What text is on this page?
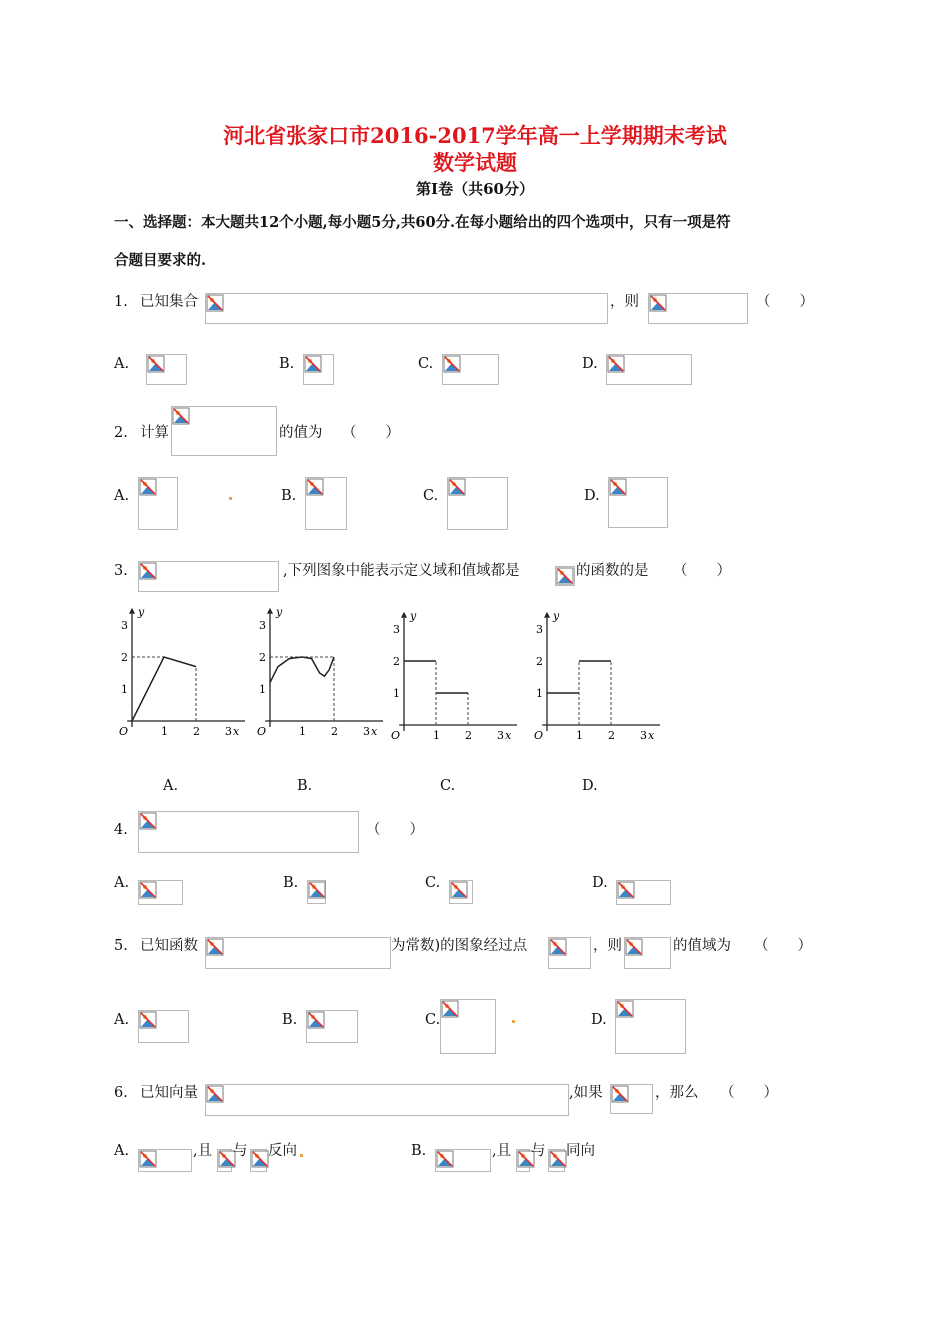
河北省张家口市2016-2017学年高一上学期期末考试
数学试题
第Ⅰ卷（共60分）
一、选择题：本大题共12个小题,每小题5分,共60分.在每小题给出的四个选项中，只有一项是符
合题目要求的.
1. 已知集合	，则	（　　）
A.	B.	C.	D.
2. 计算	的值为 （　　）
A.	B.	C.	D.
3.	,下列图象中能表示定义域和值域都是	的函数的是 （　　）
y
O	1 2 3 x
1
2
3
y
O	1 2 3 x
1
2
3
y
O	1 2 3 x
1
2
3
y
O	1 2 3 x
1
2
3
A.	B.	C.	D.
4.	（　　）
A.	B.	C.	D.
5. 已知函数	为常数)的图象经过点	，则	的值域为 （　　）
A.	B.	C.	D.
6. 已知向量	,如果	，那么 （　　）
A.	,且 与 反向	B.	,且 与 同向
